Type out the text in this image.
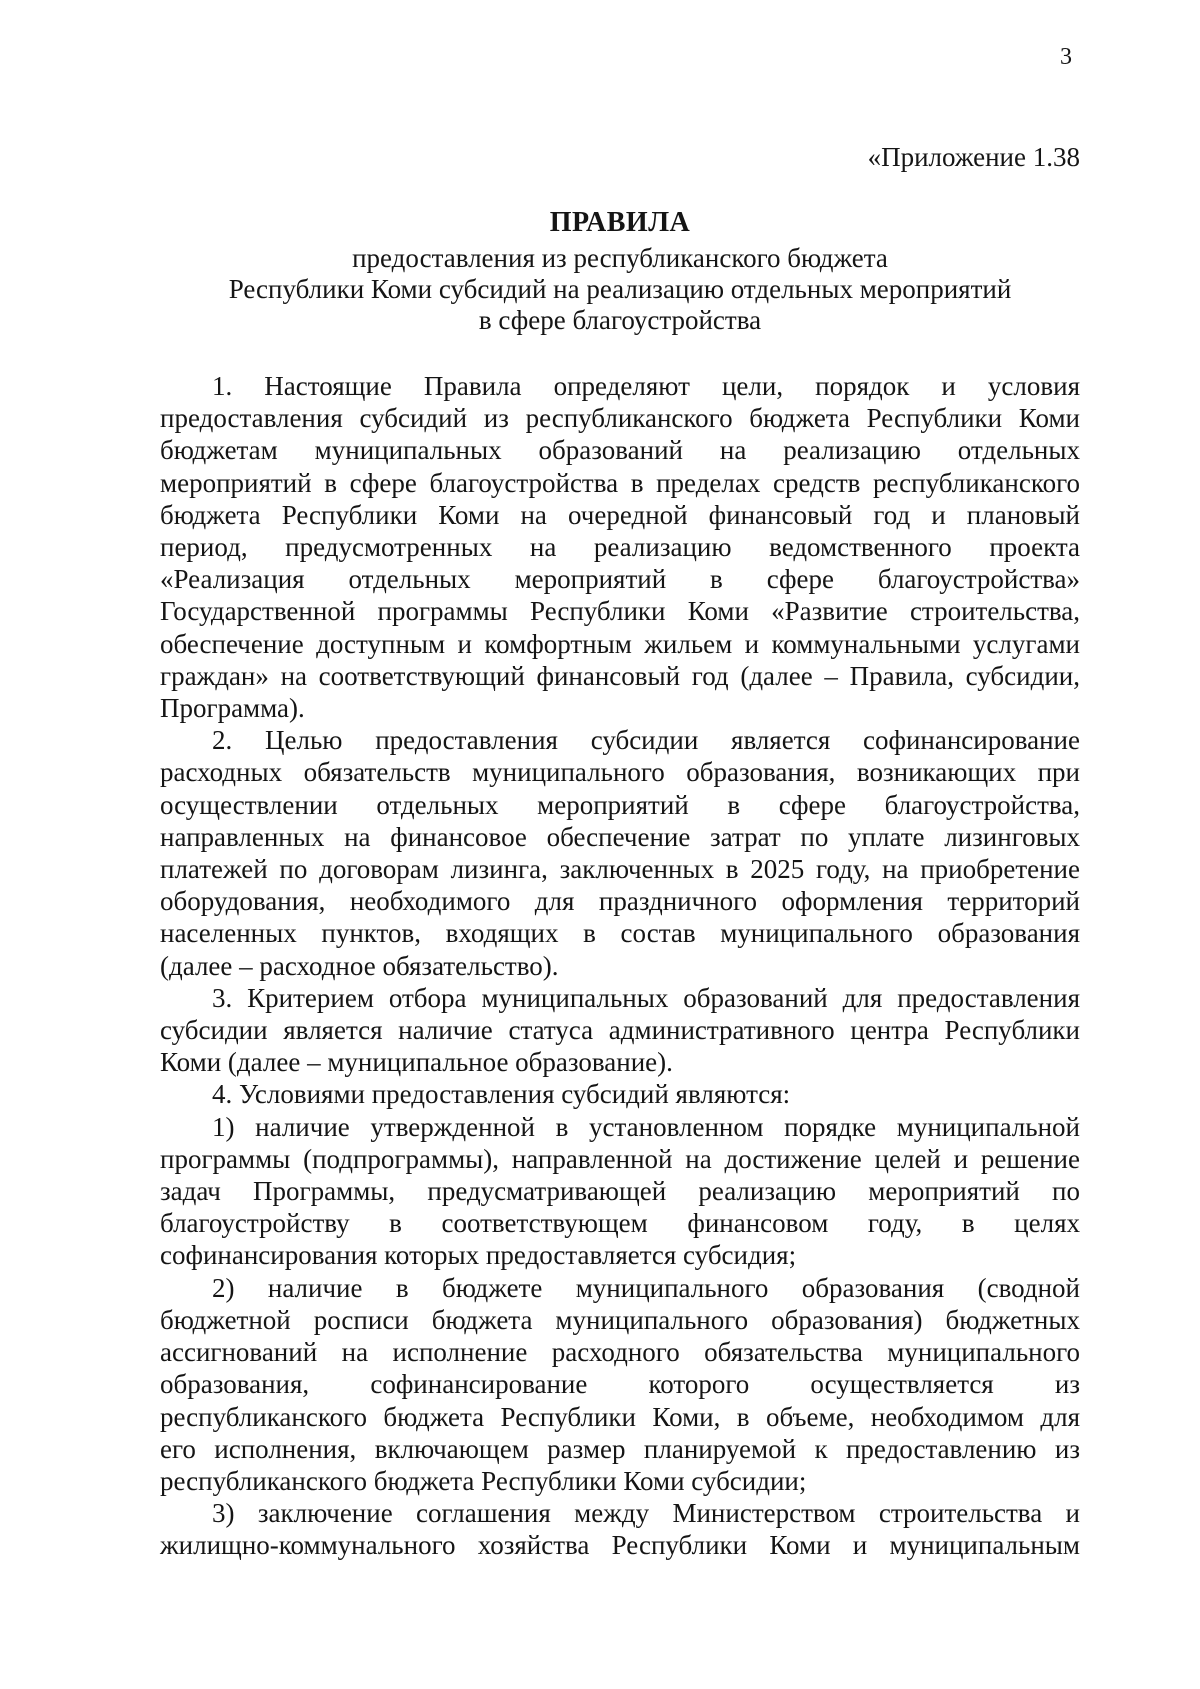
3
«Приложение 1.38
ПРАВИЛА
предоставления из республиканского бюджета
Республики Коми субсидий на реализацию отдельных мероприятий
в сфере благоустройства

1. Настоящие Правила определяют цели, порядок и условия
предоставления субсидий из республиканского бюджета Республики Коми
бюджетам муниципальных образований на реализацию отдельных
мероприятий в сфере благоустройства в пределах средств республиканского
бюджета Республики Коми на очередной финансовый год и плановый
период, предусмотренных на реализацию ведомственного проекта
«Реализация отдельных мероприятий в сфере благоустройства»
Государственной программы Республики Коми «Развитие строительства,
обеспечение доступным и комфортным жильем и коммунальными услугами
граждан» на соответствующий финансовый год (далее – Правила, субсидии,
Программа).

2. Целью предоставления субсидии является софинансирование
расходных обязательств муниципального образования, возникающих при
осуществлении отдельных мероприятий в сфере благоустройства,
направленных на финансовое обеспечение затрат по уплате лизинговых
платежей по договорам лизинга, заключенных в 2025 году, на приобретение
оборудования, необходимого для праздничного оформления территорий
населенных пунктов, входящих в состав муниципального образования
(далее – расходное обязательство).

3. Критерием отбора муниципальных образований для предоставления
субсидии является наличие статуса административного центра Республики
Коми (далее – муниципальное образование).

4. Условиями предоставления субсидий являются:

1) наличие утвержденной в установленном порядке муниципальной
программы (подпрограммы), направленной на достижение целей и решение
задач Программы, предусматривающей реализацию мероприятий по
благоустройству в соответствующем финансовом году, в целях
софинансирования которых предоставляется субсидия;

2) наличие в бюджете муниципального образования (сводной
бюджетной росписи бюджета муниципального образования) бюджетных
ассигнований на исполнение расходного обязательства муниципального
образования, софинансирование которого осуществляется из
республиканского бюджета Республики Коми, в объеме, необходимом для
его исполнения, включающем размер планируемой к предоставлению из
республиканского бюджета Республики Коми субсидии;

3) заключение соглашения между Министерством строительства и
жилищно-коммунального хозяйства Республики Коми и муниципальным
